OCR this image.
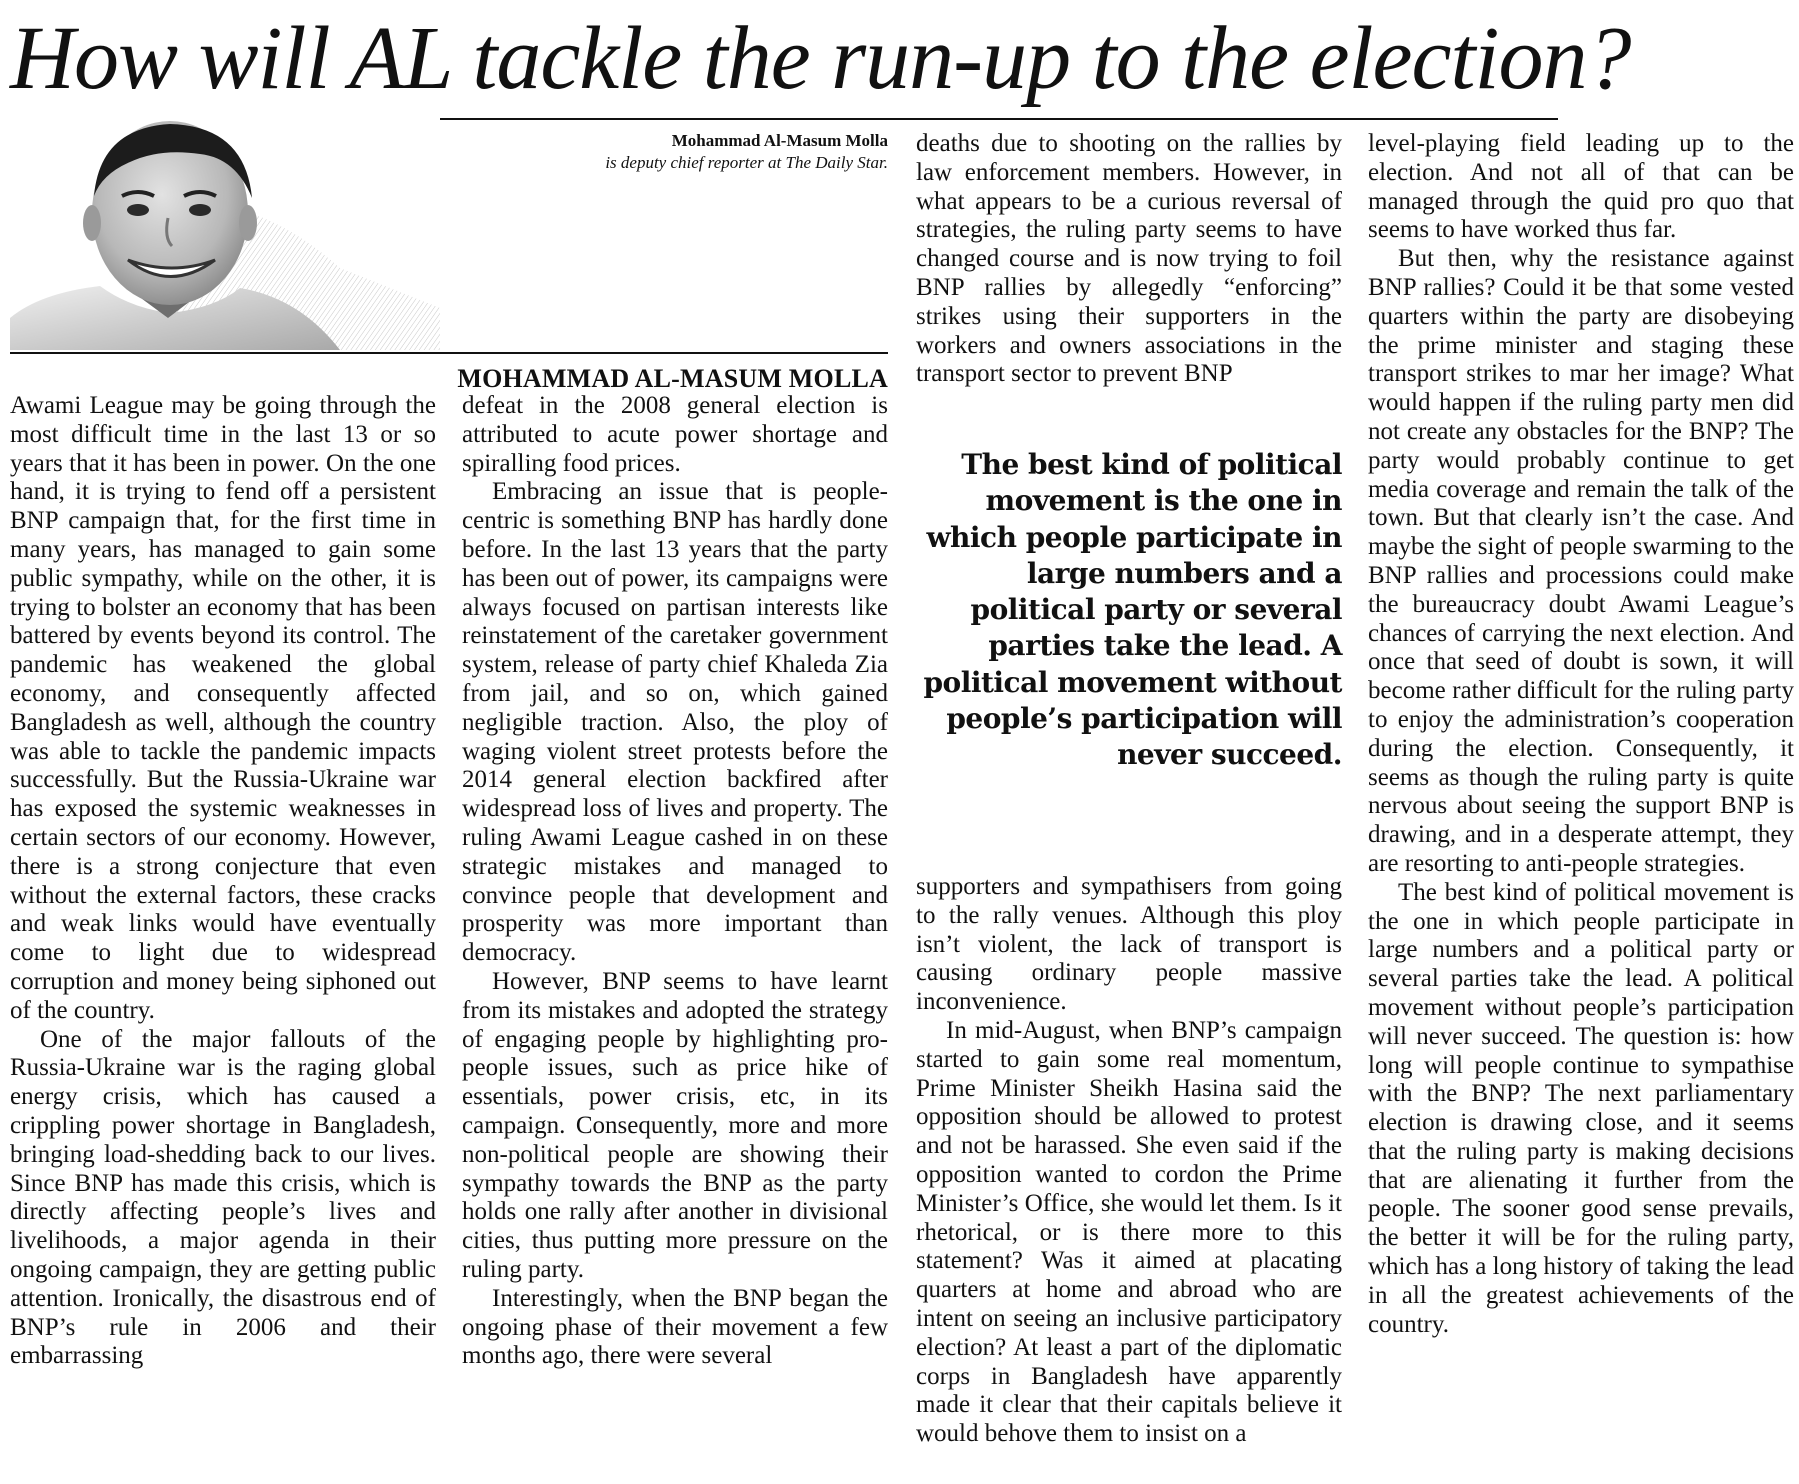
How will AL tackle the run-up to the election?
Mohammad Al-Masum Molla
is deputy chief reporter at The Daily Star.
MOHAMMAD AL-MASUM MOLLA

Awami League may be going through the most difficult time in the last 13 or so years that it has been in power. On the one hand, it is trying to fend off a persistent BNP campaign that, for the first time in many years, has managed to gain some public sympathy, while on the other, it is trying to bolster an economy that has been battered by events beyond its control. The pandemic has weakened the global economy, and consequently affected Bangladesh as well, although the country was able to tackle the pandemic impacts successfully. But the Russia-Ukraine war has exposed the systemic weaknesses in certain sectors of our economy. However, there is a strong conjecture that even without the external factors, these cracks and weak links would have eventually come to light due to widespread corruption and money being siphoned out of the country.

One of the major fallouts of the Russia-Ukraine war is the raging global energy crisis, which has caused a crippling power shortage in Bangladesh, bringing load-shedding back to our lives. Since BNP has made this crisis, which is directly affecting people’s lives and livelihoods, a major agenda in their ongoing campaign, they are getting public attention. Ironically, the disastrous end of BNP’s rule in 2006 and their embarrassing

defeat in the 2008 general election is attributed to acute power shortage and spiralling food prices.

Embracing an issue that is people-centric is something BNP has hardly done before. In the last 13 years that the party has been out of power, its campaigns were always focused on partisan interests like reinstatement of the caretaker government system, release of party chief Khaleda Zia from jail, and so on, which gained negligible traction. Also, the ploy of waging violent street protests before the 2014 general election backfired after widespread loss of lives and property. The ruling Awami League cashed in on these strategic mistakes and managed to convince people that development and prosperity was more important than democracy.

However, BNP seems to have learnt from its mistakes and adopted the strategy of engaging people by highlighting pro-people issues, such as price hike of essentials, power crisis, etc, in its campaign. Consequently, more and more non-political people are showing their sympathy towards the BNP as the party holds one rally after another in divisional cities, thus putting more pressure on the ruling party.

Interestingly, when the BNP began the ongoing phase of their movement a few months ago, there were several

deaths due to shooting on the rallies by law enforcement members. However, in what appears to be a curious reversal of strategies, the ruling party seems to have changed course and is now trying to foil BNP rallies by allegedly “enforcing” strikes using their supporters in the workers and owners associations in the transport sector to prevent BNP

The best kind of political movement is the one in which people participate in large numbers and a political party or several parties take the lead. A political movement without people’s participation will never succeed.

supporters and sympathisers from going to the rally venues. Although this ploy isn’t violent, the lack of transport is causing ordinary people massive inconvenience.

In mid-August, when BNP’s campaign started to gain some real momentum, Prime Minister Sheikh Hasina said the opposition should be allowed to protest and not be harassed. She even said if the opposition wanted to cordon the Prime Minister’s Office, she would let them. Is it rhetorical, or is there more to this statement? Was it aimed at placating quarters at home and abroad who are intent on seeing an inclusive participatory election? At least a part of the diplomatic corps in Bangladesh have apparently made it clear that their capitals believe it would behove them to insist on a

level-playing field leading up to the election. And not all of that can be managed through the quid pro quo that seems to have worked thus far.

But then, why the resistance against BNP rallies? Could it be that some vested quarters within the party are disobeying the prime minister and staging these transport strikes to mar her image? What would happen if the ruling party men did not create any obstacles for the BNP? The party would probably continue to get media coverage and remain the talk of the town. But that clearly isn’t the case. And maybe the sight of people swarming to the BNP rallies and processions could make the bureaucracy doubt Awami League’s chances of carrying the next election. And once that seed of doubt is sown, it will become rather difficult for the ruling party to enjoy the administration’s cooperation during the election. Consequently, it seems as though the ruling party is quite nervous about seeing the support BNP is drawing, and in a desperate attempt, they are resorting to anti-people strategies.

The best kind of political movement is the one in which people participate in large numbers and a political party or several parties take the lead. A political movement without people’s participation will never succeed. The question is: how long will people continue to sympathise with the BNP? The next parliamentary election is drawing close, and it seems that the ruling party is making decisions that are alienating it further from the people. The sooner good sense prevails, the better it will be for the ruling party, which has a long history of taking the lead in all the greatest achievements of the country.
